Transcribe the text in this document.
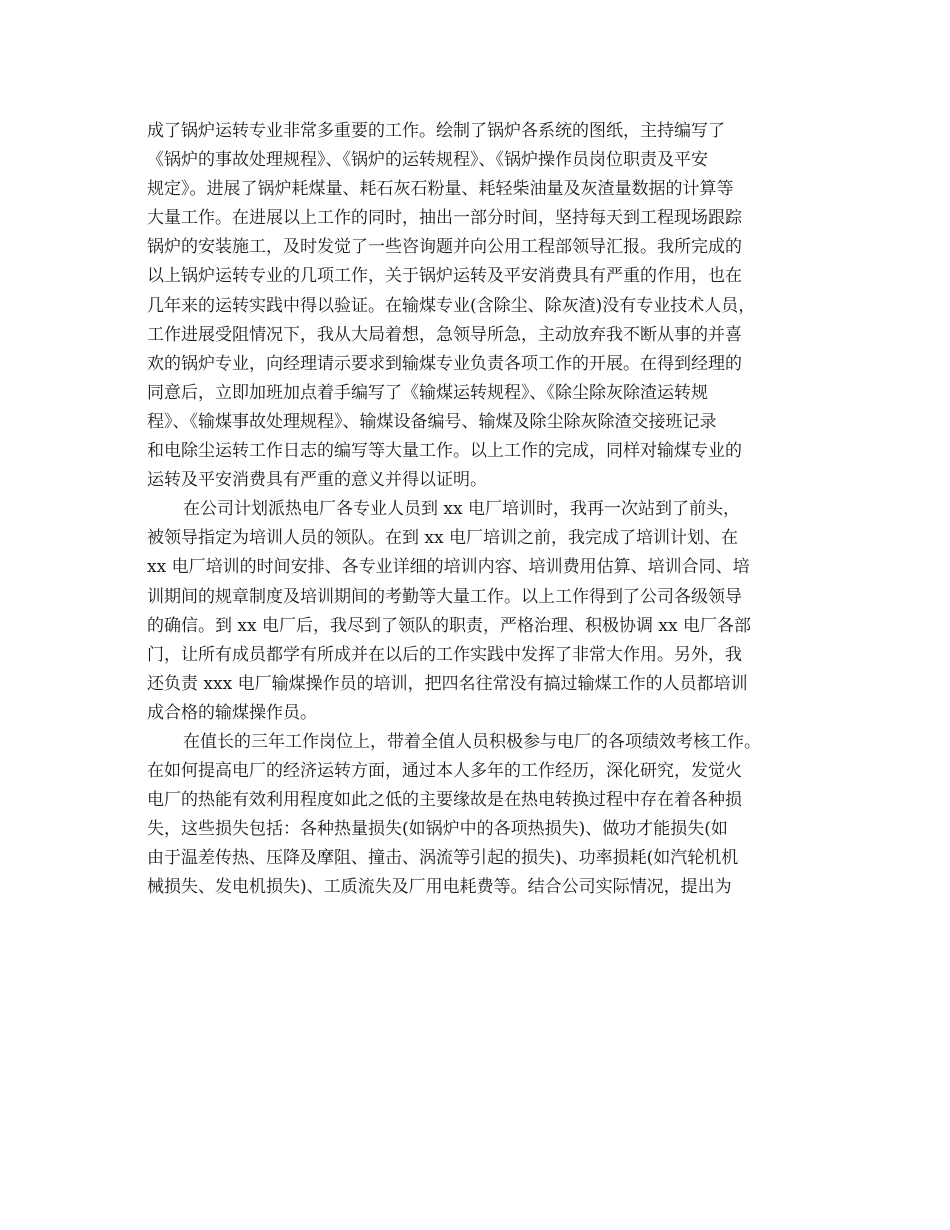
成了锅炉运转专业非常多重要的工作。绘制了锅炉各系统的图纸，主持编写了
《锅炉的事故处理规程》、《锅炉的运转规程》、《锅炉操作员岗位职责及平安
规定》。进展了锅炉耗煤量、耗石灰石粉量、耗轻柴油量及灰渣量数据的计算等
大量工作。在进展以上工作的同时，抽出一部分时间，坚持每天到工程现场跟踪
锅炉的安装施工，及时发觉了一些咨询题并向公用工程部领导汇报。我所完成的
以上锅炉运转专业的几项工作，关于锅炉运转及平安消费具有严重的作用，也在
几年来的运转实践中得以验证。在输煤专业(含除尘、除灰渣)没有专业技术人员，
工作进展受阻情况下，我从大局着想，急领导所急，主动放弃我不断从事的并喜
欢的锅炉专业，向经理请示要求到输煤专业负责各项工作的开展。在得到经理的
同意后，立即加班加点着手编写了《输煤运转规程》、《除尘除灰除渣运转规
程》、《输煤事故处理规程》、输煤设备编号、输煤及除尘除灰除渣交接班记录
和电除尘运转工作日志的编写等大量工作。以上工作的完成，同样对输煤专业的
运转及平安消费具有严重的意义并得以证明。
在公司计划派热电厂各专业人员到 xx 电厂培训时，我再一次站到了前头，
被领导指定为培训人员的领队。在到 xx 电厂培训之前，我完成了培训计划、在
xx 电厂培训的时间安排、各专业详细的培训内容、培训费用估算、培训合同、培
训期间的规章制度及培训期间的考勤等大量工作。以上工作得到了公司各级领导
的确信。到 xx 电厂后，我尽到了领队的职责，严格治理、积极协调 xx 电厂各部
门，让所有成员都学有所成并在以后的工作实践中发挥了非常大作用。另外，我
还负责 xxx 电厂输煤操作员的培训，把四名往常没有搞过输煤工作的人员都培训
成合格的输煤操作员。
在值长的三年工作岗位上，带着全值人员积极参与电厂的各项绩效考核工作。
在如何提高电厂的经济运转方面，通过本人多年的工作经历，深化研究，发觉火
电厂的热能有效利用程度如此之低的主要缘故是在热电转换过程中存在着各种损
失，这些损失包括：各种热量损失(如锅炉中的各项热损失)、做功才能损失(如
由于温差传热、压降及摩阻、撞击、涡流等引起的损失)、功率损耗(如汽轮机机
械损失、发电机损失)、工质流失及厂用电耗费等。结合公司实际情况，提出为
